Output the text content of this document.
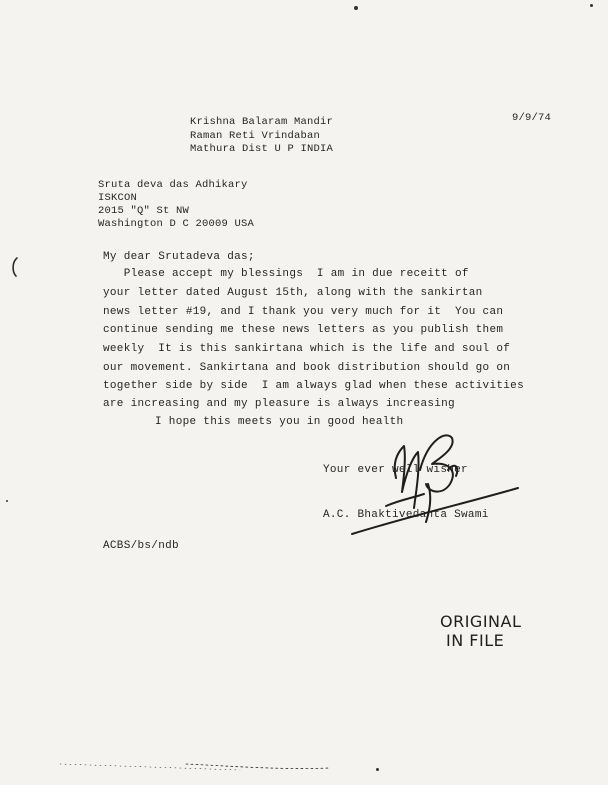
Krishna Balaram Mandir
Raman Reti Vrindaban
Mathura Dist U P INDIA
9/9/74
Sruta deva das Adhikary
ISKCON
2015 "Q" St NW
Washington D C 20009 USA
My dear Srutadeva das;
Please accept my blessings  I am in due receitt of
your letter dated August 15th, along with the sankirtan
news letter #19, and I thank you very much for it  You can
continue sending me these news letters as you publish them
weekly  It is this sankirtana which is the life and soul of
our movement. Sankirtana and book distribution should go on
together side by side  I am always glad when these activities
are increasing and my pleasure is always increasing
I hope this meets you in good health
Your ever well wisher
A.C. Bhaktivedanta Swami
ACBS/bs/ndb
ORIGINAL
IN FILE
